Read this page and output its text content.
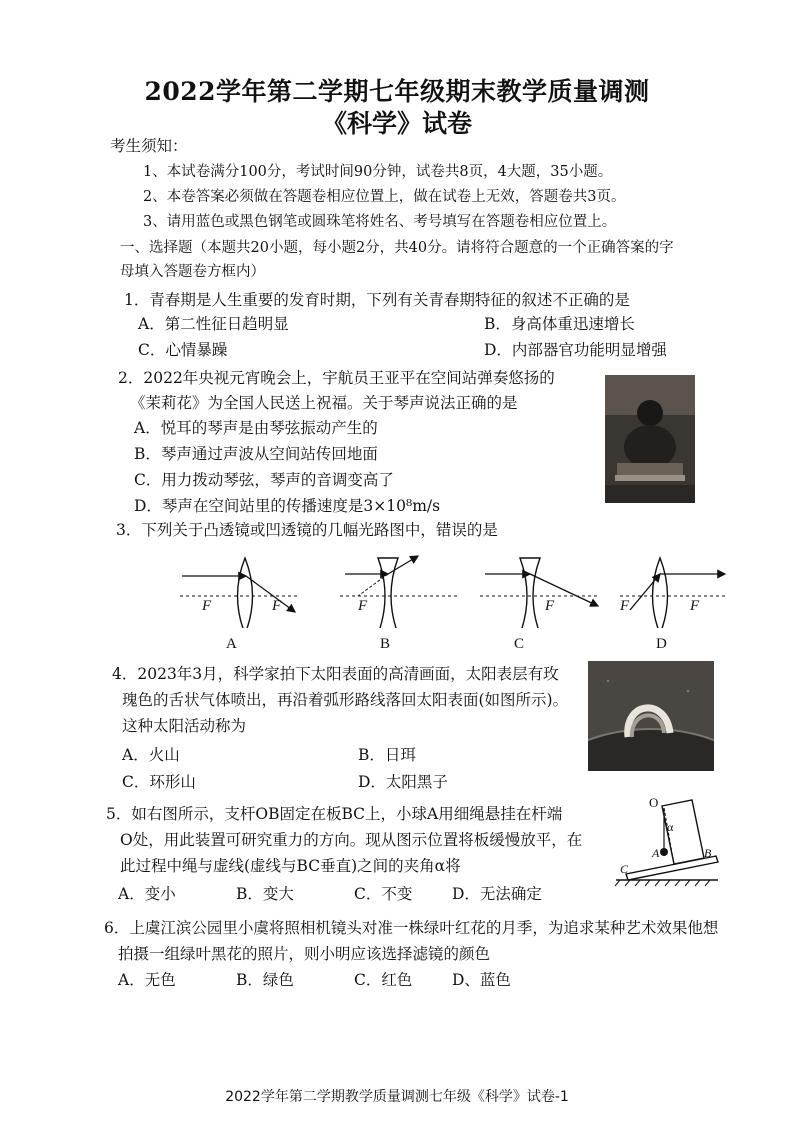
2022学年第二学期七年级期末教学质量调测
《科学》试卷
考生须知：
1、本试卷满分100分，考试时间90分钟，试卷共8页，4大题，35小题。
2、本卷答案必须做在答题卷相应位置上，做在试卷上无效，答题卷共3页。
3、请用蓝色或黑色钢笔或圆珠笔将姓名、考号填写在答题卷相应位置上。
一、选择题（本题共20小题，每小题2分，共40分。请将符合题意的一个正确答案的字
母填入答题卷方框内）
1．青春期是人生重要的发育时期，下列有关青春期特征的叙述不正确的是
A．第二性征日趋明显	B．身高体重迅速增长
C．心情暴躁	D．内部器官功能明显增强
2．2022年央视元宵晚会上，宇航员王亚平在空间站弹奏悠扬的
《茉莉花》为全国人民送上祝福。关于琴声说法正确的是
A．悦耳的琴声是由琴弦振动产生的
B．琴声通过声波从空间站传回地面
C．用力拨动琴弦，琴声的音调变高了
D．琴声在空间站里的传播速度是3×10⁸m/s
3．下列关于凸透镜或凹透镜的几幅光路图中，错误的是
F	F	F	F	F	F
A	B	C	D
4．2023年3月，科学家拍下太阳表面的高清画面，太阳表层有玫
瑰色的舌状气体喷出，再沿着弧形路线落回太阳表面(如图所示)。
这种太阳活动称为
A．火山	B．日珥
C．环形山	D．太阳黑子
5．如右图所示，支杆OB固定在板BC上，小球A用细绳悬挂在杆端
O处，用此装置可研究重力的方向。现从图示位置将板缓慢放平，在
此过程中绳与虚线(虚线与BC垂直)之间的夹角α将
A．变小	B．变大	C．不变	D．无法确定
O
α
A	B
C
6．上虞江滨公园里小虞将照相机镜头对准一株绿叶红花的月季，为追求某种艺术效果他想
拍摄一组绿叶黑花的照片，则小明应该选择滤镜的颜色
A．无色	B．绿色	C．红色	D、蓝色
2022学年第二学期教学质量调测七年级《科学》试卷-1
